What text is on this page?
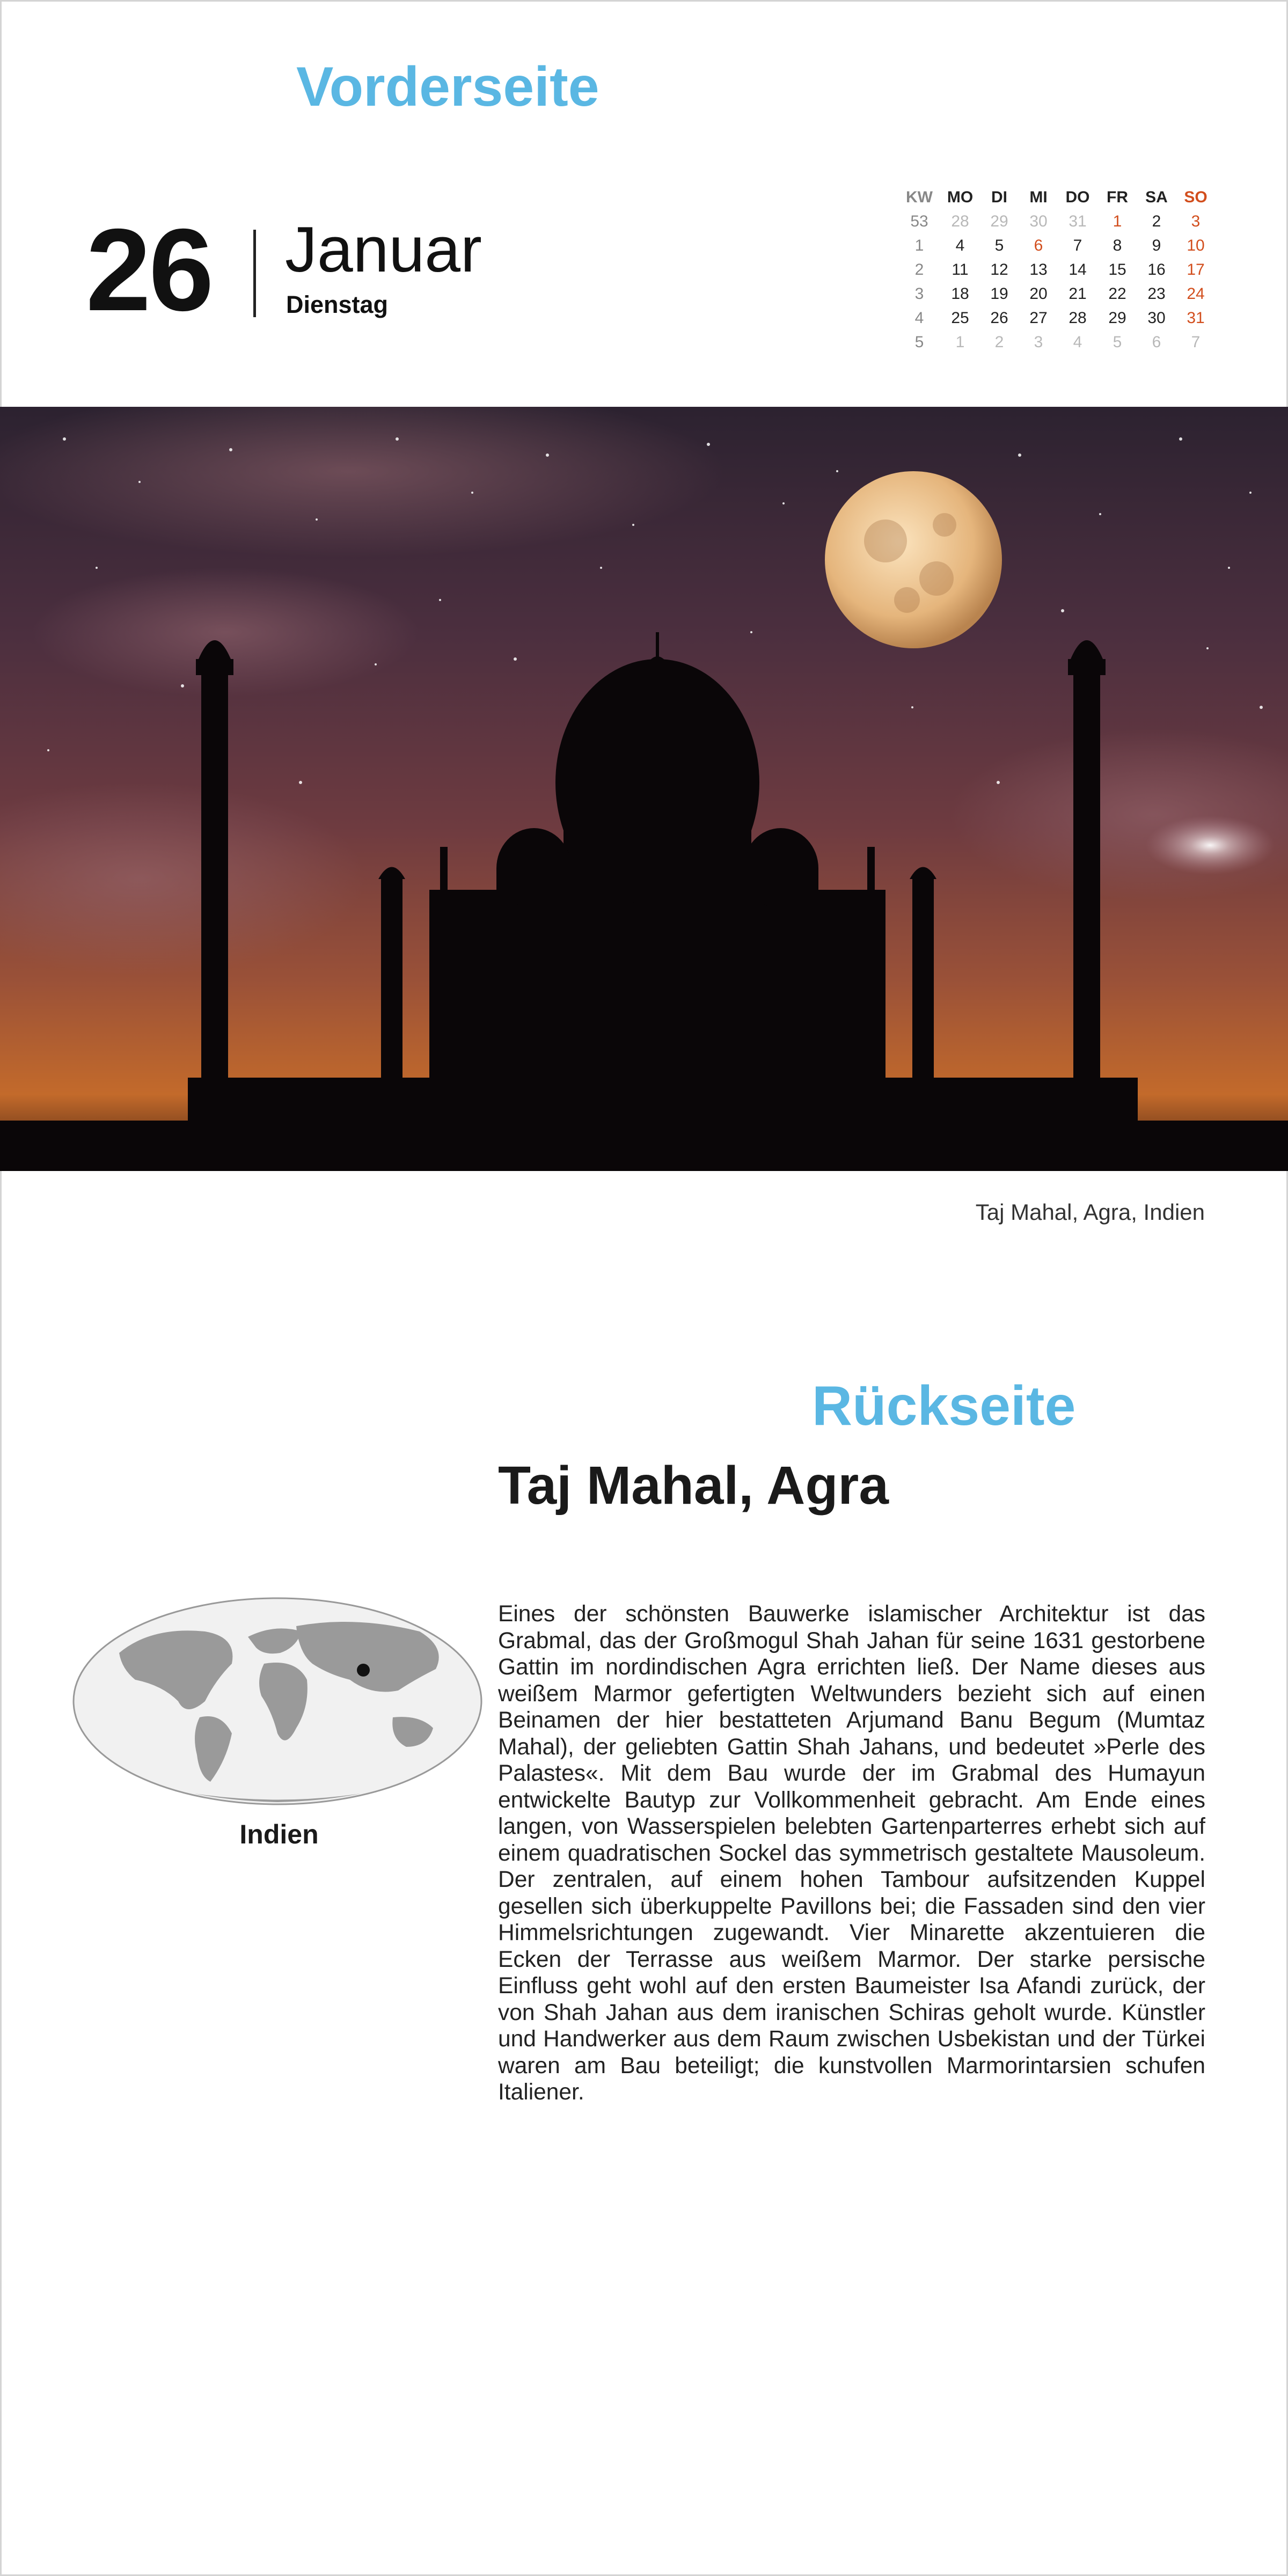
Vorderseite
26 Januar
Dienstag
KW MO	DI	MI	DO	FR	SA	SO
53	28	29	30	31	1	2	3
1	4	5	6	7	8	9	10
2	11	12	13	14	15	16	17
3	18	19	20	21	22	23	24
4	25	26	27	28	29	30	31
5	1	2	3	4	5	6	7
Taj Mahal, Agra, Indien
Rückseite
Taj Mahal, Agra
Indien

Eines der schönsten Bauwerke islamischer Architektur ist das Grabmal, das der Großmogul Shah Jahan für seine 1631 gestorbene Gattin im nordindischen Agra errichten ließ. Der Name dieses aus weißem Marmor gefertigten Weltwunders bezieht sich auf einen Beinamen der hier bestatteten Arjumand Banu Begum (Mumtaz Mahal), der geliebten Gattin Shah Jahans, und bedeutet »Perle des Palastes«. Mit dem Bau wurde der im Grabmal des Humayun entwickelte Bautyp zur Vollkommenheit gebracht. Am Ende eines langen, von Wasserspielen belebten Gartenparterres erhebt sich auf einem quadratischen Sockel das symmetrisch gestaltete Mausoleum. Der zentralen, auf einem hohen Tambour aufsitzenden Kuppel gesellen sich überkuppelte Pavillons bei; die Fassaden sind den vier Himmelsrichtungen zugewandt. Vier Minarette akzentuieren die Ecken der Terrasse aus weißem Marmor. Der starke persische Einfluss geht wohl auf den ersten Baumeister Isa Afandi zurück, der von Shah Jahan aus dem iranischen Schiras geholt wurde. Künstler und Handwerker aus dem Raum zwischen Usbekistan und der Türkei waren am Bau beteiligt; die kunstvollen Marmorintarsien schufen Italiener.
